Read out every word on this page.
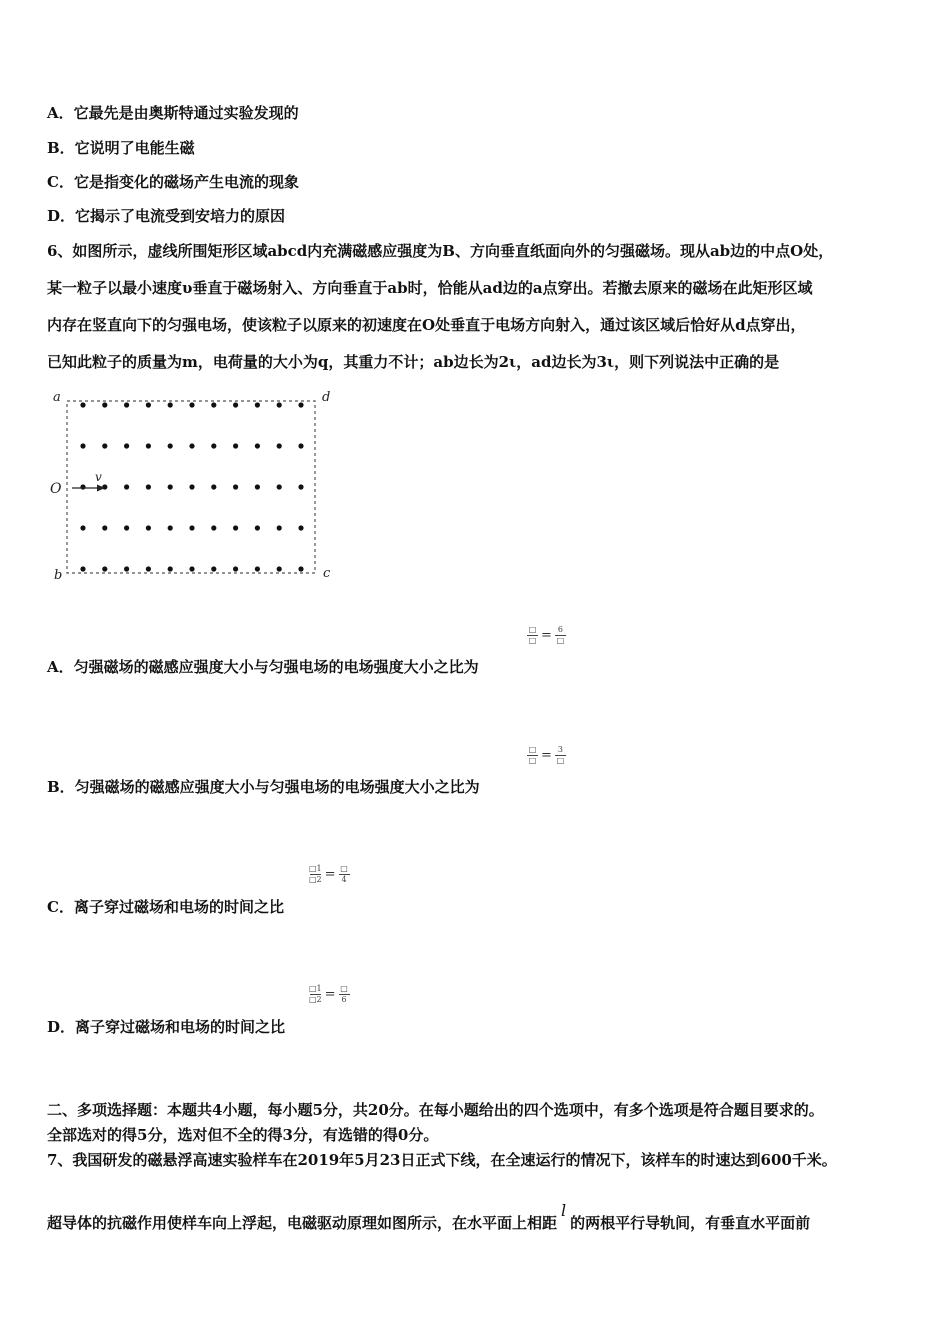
A．它最先是由奥斯特通过实验发现的
B．它说明了电能生磁
C．它是指变化的磁场产生电流的现象
D．它揭示了电流受到安培力的原因
6、如图所示，虚线所围矩形区域abcd内充满磁感应强度为B、方向垂直纸面向外的匀强磁场。现从ab边的中点O处，
某一粒子以最小速度υ垂直于磁场射入、方向垂直于ab时，恰能从ad边的a点穿出。若撤去原来的磁场在此矩形区域
内存在竖直向下的匀强电场，使该粒子以原来的初速度在O处垂直于电场方向射入，通过该区域后恰好从d点穿出，
已知此粒子的质量为m，电荷量的大小为q，其重力不计；ab边长为2ι，ad边长为3ι，则下列说法中正确的是
v
a	d
O
b	c
□
□ = 6
□
A．匀强磁场的磁感应强度大小与匀强电场的电场强度大小之比为
□
□ = 3
□
B．匀强磁场的磁感应强度大小与匀强电场的电场强度大小之比为
□1
□2 = □
4
C．离子穿过磁场和电场的时间之比
□1
□2 = □
6
D．离子穿过磁场和电场的时间之比
二、多项选择题：本题共4小题，每小题5分，共20分。在每小题给出的四个选项中，有多个选项是符合题目要求的。
全部选对的得5分，选对但不全的得3分，有选错的得0分。
7、我国研发的磁悬浮高速实验样车在2019年5月23日正式下线，在全速运行的情况下，该样车的时速达到600千米。
超导体的抗磁作用使样车向上浮起，电磁驱动原理如图所示，在水平面上相距l的两根平行导轨间，有垂直水平面前
